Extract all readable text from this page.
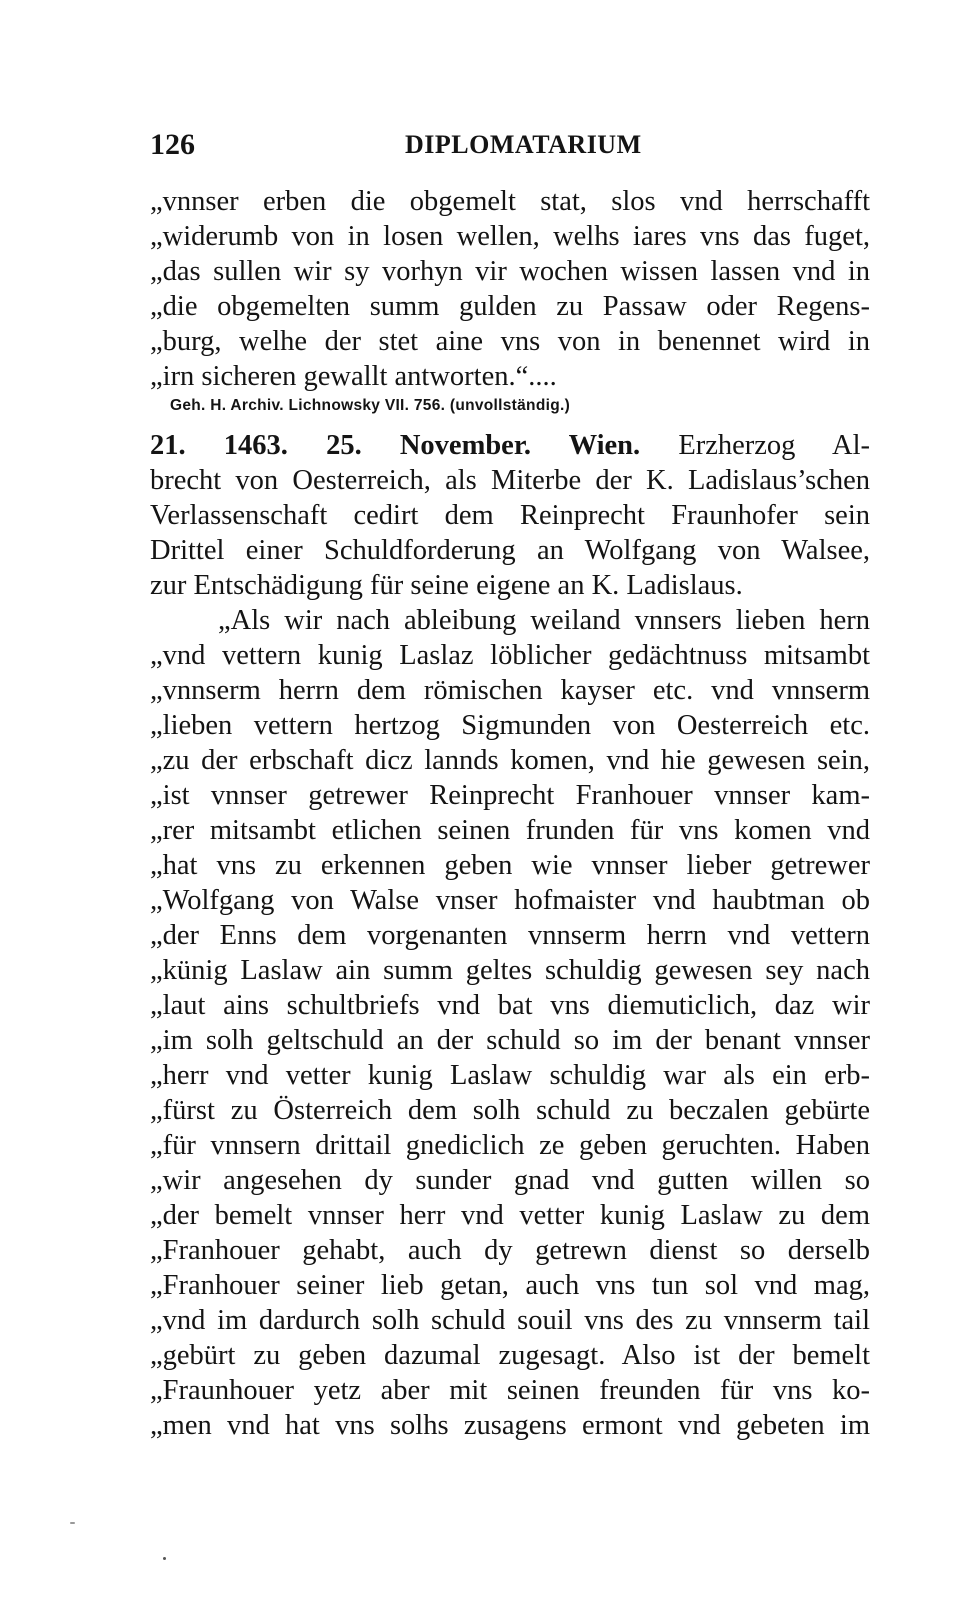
126	DIPLOMATARIUM
„vnnser erben die obgemelt stat, slos vnd herrschafft
„widerumb von in losen wellen, welhs iares vns das fuget,
„das sullen wir sy vorhyn vir wochen wissen lassen vnd in
„die obgemelten summ gulden zu Passaw oder Regens-
„burg, welhe der stet aine vns von in benennet wird in
„irn sicheren gewallt antworten.“....
Geh. H. Archiv. Lichnowsky VII. 756. (unvollständig.)
21. 1463. 25. November. Wien. Erzherzog Al-
brecht von Oesterreich, als Miterbe der K. Ladislaus’schen
Verlassenschaft cedirt dem Reinprecht Fraunhofer sein
Drittel einer Schuldforderung an Wolfgang von Walsee,
zur Entschädigung für seine eigene an K. Ladislaus.
„Als wir nach ableibung weiland vnnsers lieben hern
„vnd vettern kunig Laslaz löblicher gedächtnuss mitsambt
„vnnserm herrn dem römischen kayser etc. vnd vnnserm
„lieben vettern hertzog Sigmunden von Oesterreich etc.
„zu der erbschaft dicz lannds komen, vnd hie gewesen sein,
„ist vnnser getrewer Reinprecht Franhouer vnnser kam-
„rer mitsambt etlichen seinen frunden für vns komen vnd
„hat vns zu erkennen geben wie vnnser lieber getrewer
„Wolfgang von Walse vnser hofmaister vnd haubtman ob
„der Enns dem vorgenanten vnnserm herrn vnd vettern
„künig Laslaw ain summ geltes schuldig gewesen sey nach
„laut ains schultbriefs vnd bat vns diemuticlich, daz wir
„im solh geltschuld an der schuld so im der benant vnnser
„herr vnd vetter kunig Laslaw schuldig war als ein erb-
„fürst zu Österreich dem solh schuld zu beczalen gebürte
„für vnnsern drittail gnediclich ze geben geruchten. Haben
„wir angesehen dy sunder gnad vnd gutten willen so
„der bemelt vnnser herr vnd vetter kunig Laslaw zu dem
„Franhouer gehabt, auch dy getrewn dienst so derselb
„Franhouer seiner lieb getan, auch vns tun sol vnd mag,
„vnd im dardurch solh schuld souil vns des zu vnnserm tail
„gebürt zu geben dazumal zugesagt. Also ist der bemelt
„Fraunhouer yetz aber mit seinen freunden für vns ko-
„men vnd hat vns solhs zusagens ermont vnd gebeten im
